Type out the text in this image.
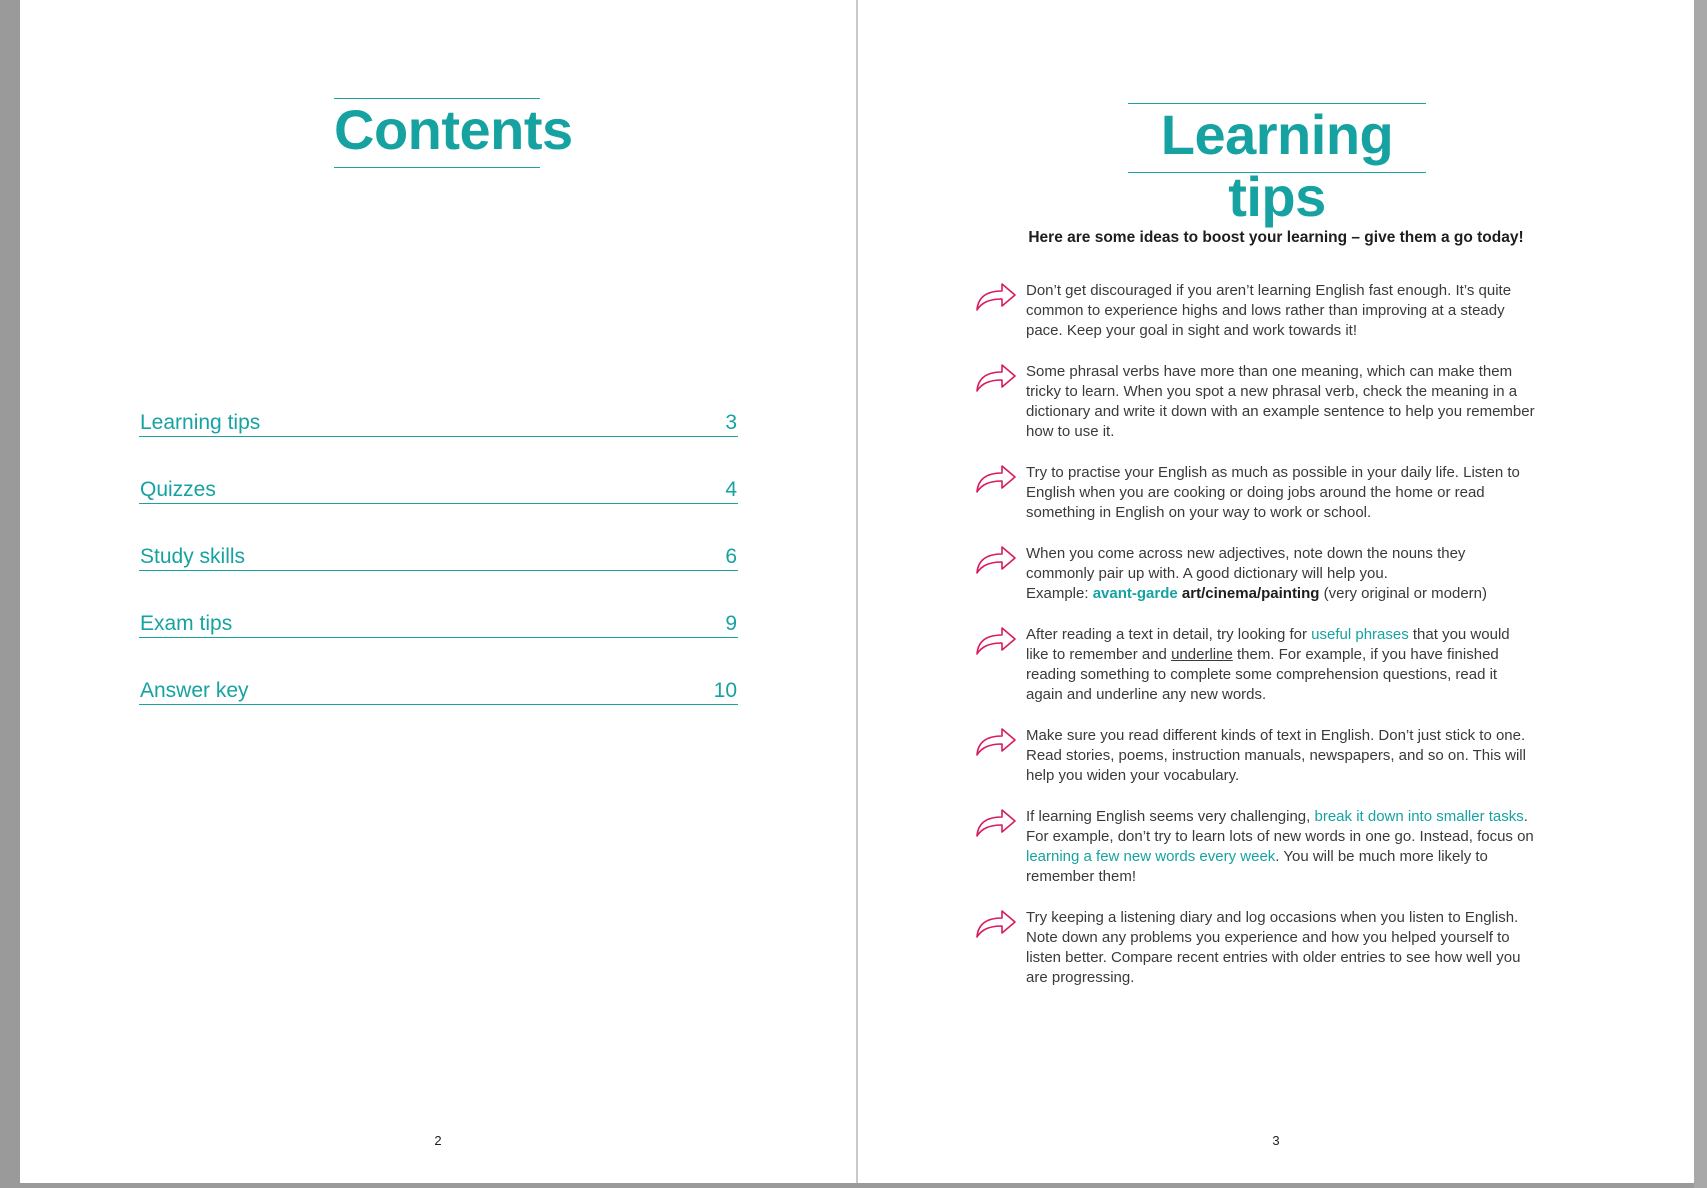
Contents
Learning tips	3
Quizzes	4
Study skills	6
Exam tips	9
Answer key	10
2
Learning tips
Here are some ideas to boost your learning – give them a go today!
Don’t get discouraged if you aren’t learning English fast enough. It’s quite common to experience highs and lows rather than improving at a steady pace. Keep your goal in sight and work towards it!
Some phrasal verbs have more than one meaning, which can make them tricky to learn. When you spot a new phrasal verb, check the meaning in a dictionary and write it down with an example sentence to help you remember how to use it.
Try to practise your English as much as possible in your daily life. Listen to English when you are cooking or doing jobs around the home or read something in English on your way to work or school.
When you come across new adjectives, note down the nouns they commonly pair up with. A good dictionary will help you.
Example: avant-garde art/cinema/painting (very original or modern)
After reading a text in detail, try looking for useful phrases that you would like to remember and underline them. For example, if you have finished reading something to complete some comprehension questions, read it again and underline any new words.
Make sure you read different kinds of text in English. Don’t just stick to one. Read stories, poems, instruction manuals, newspapers, and so on. This will help you widen your vocabulary.
If learning English seems very challenging, break it down into smaller tasks. For example, don’t try to learn lots of new words in one go. Instead, focus on learning a few new words every week. You will be much more likely to remember them!
Try keeping a listening diary and log occasions when you listen to English. Note down any problems you experience and how you helped yourself to listen better. Compare recent entries with older entries to see how well you are progressing.
3
